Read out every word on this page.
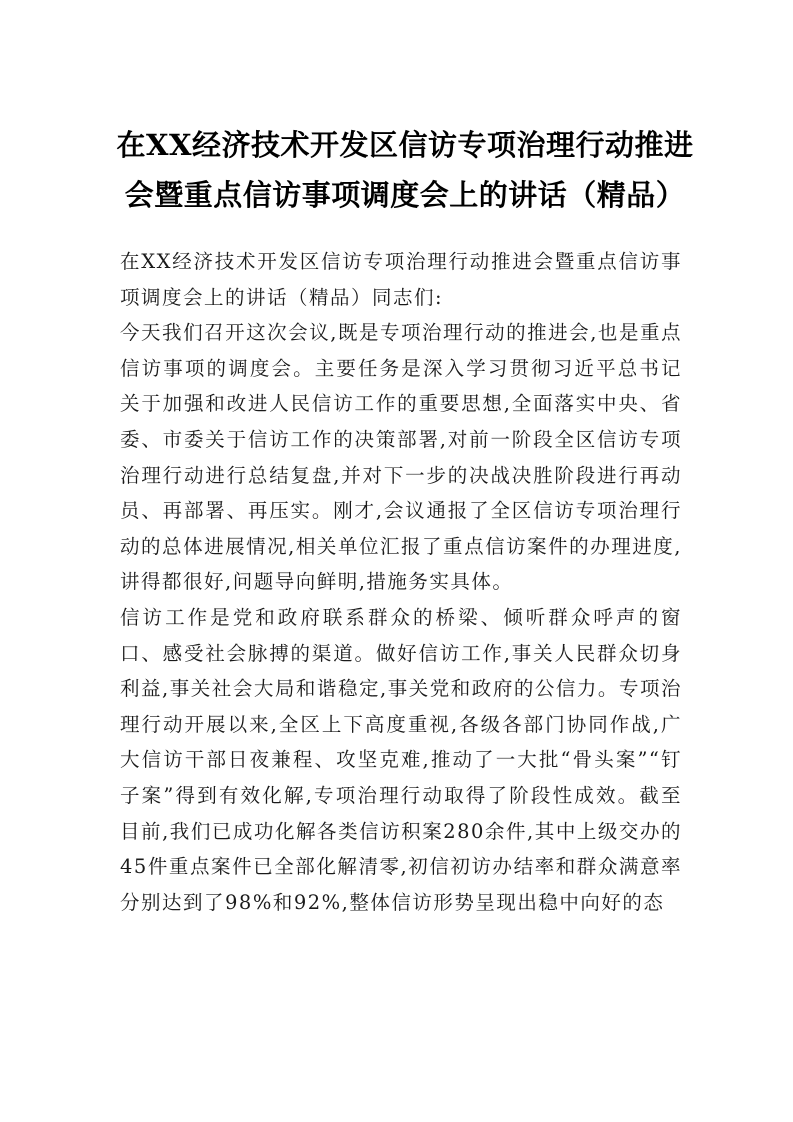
在XX经济技术开发区信访专项治理行动推进会暨重点信访事项调度会上的讲话（精品）

在XX经济技术开发区信访专项治理行动推进会暨重点信访事项调度会上的讲话（精品）同志们:

今天我们召开这次会议,既是专项治理行动的推进会,也是重点信访事项的调度会。主要任务是深入学习贯彻习近平总书记关于加强和改进人民信访工作的重要思想,全面落实中央、省委、市委关于信访工作的决策部署,对前一阶段全区信访专项治理行动进行总结复盘,并对下一步的决战决胜阶段进行再动员、再部署、再压实。刚才,会议通报了全区信访专项治理行动的总体进展情况,相关单位汇报了重点信访案件的办理进度,讲得都很好,问题导向鲜明,措施务实具体。

信访工作是党和政府联系群众的桥梁、倾听群众呼声的窗口、感受社会脉搏的渠道。做好信访工作,事关人民群众切身利益,事关社会大局和谐稳定,事关党和政府的公信力。专项治理行动开展以来,全区上下高度重视,各级各部门协同作战,广大信访干部日夜兼程、攻坚克难,推动了一大批“骨头案”“钉子案”得到有效化解,专项治理行动取得了阶段性成效。截至目前,我们已成功化解各类信访积案280余件,其中上级交办的45件重点案件已全部化解清零,初信初访办结率和群众满意率分别达到了98%和92%,整体信访形势呈现出稳中向好的态
